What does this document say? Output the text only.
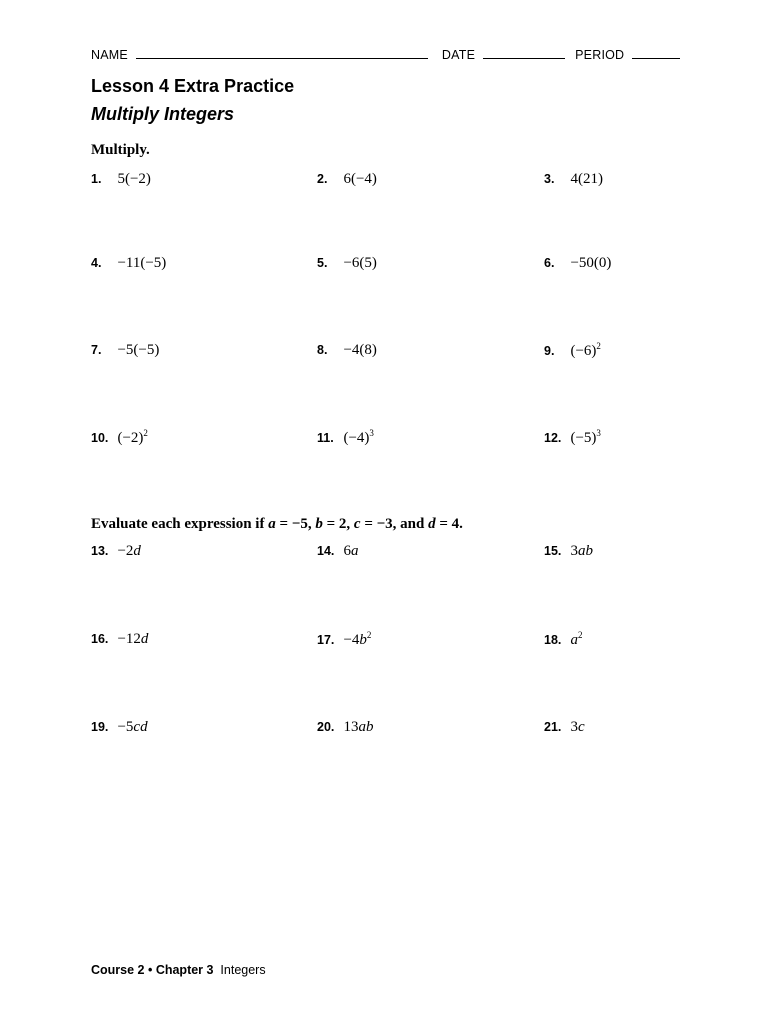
NAME	DATE	PERIOD
Lesson 4 Extra Practice
Multiply Integers
Multiply.
1. 5(−2)	2. 6(−4)	3. 4(21)
4. −11(−5)	5. −6(5)	6. −50(0)
7. −5(−5)	8. −4(8)	9. $(-6)^2$
10. $(-2)^2$	11. $(-4)^3$	12. $(-5)^3$
Evaluate each expression if a = −5, b = 2, c = −3, and d = 4.
13. −2d	14. 6a	15. 3ab
16. −12d	17. $-4b^2$	18. $a^2$
19. −5cd	20. 13ab	21. 3c
Course 2 • Chapter 3 Integers
